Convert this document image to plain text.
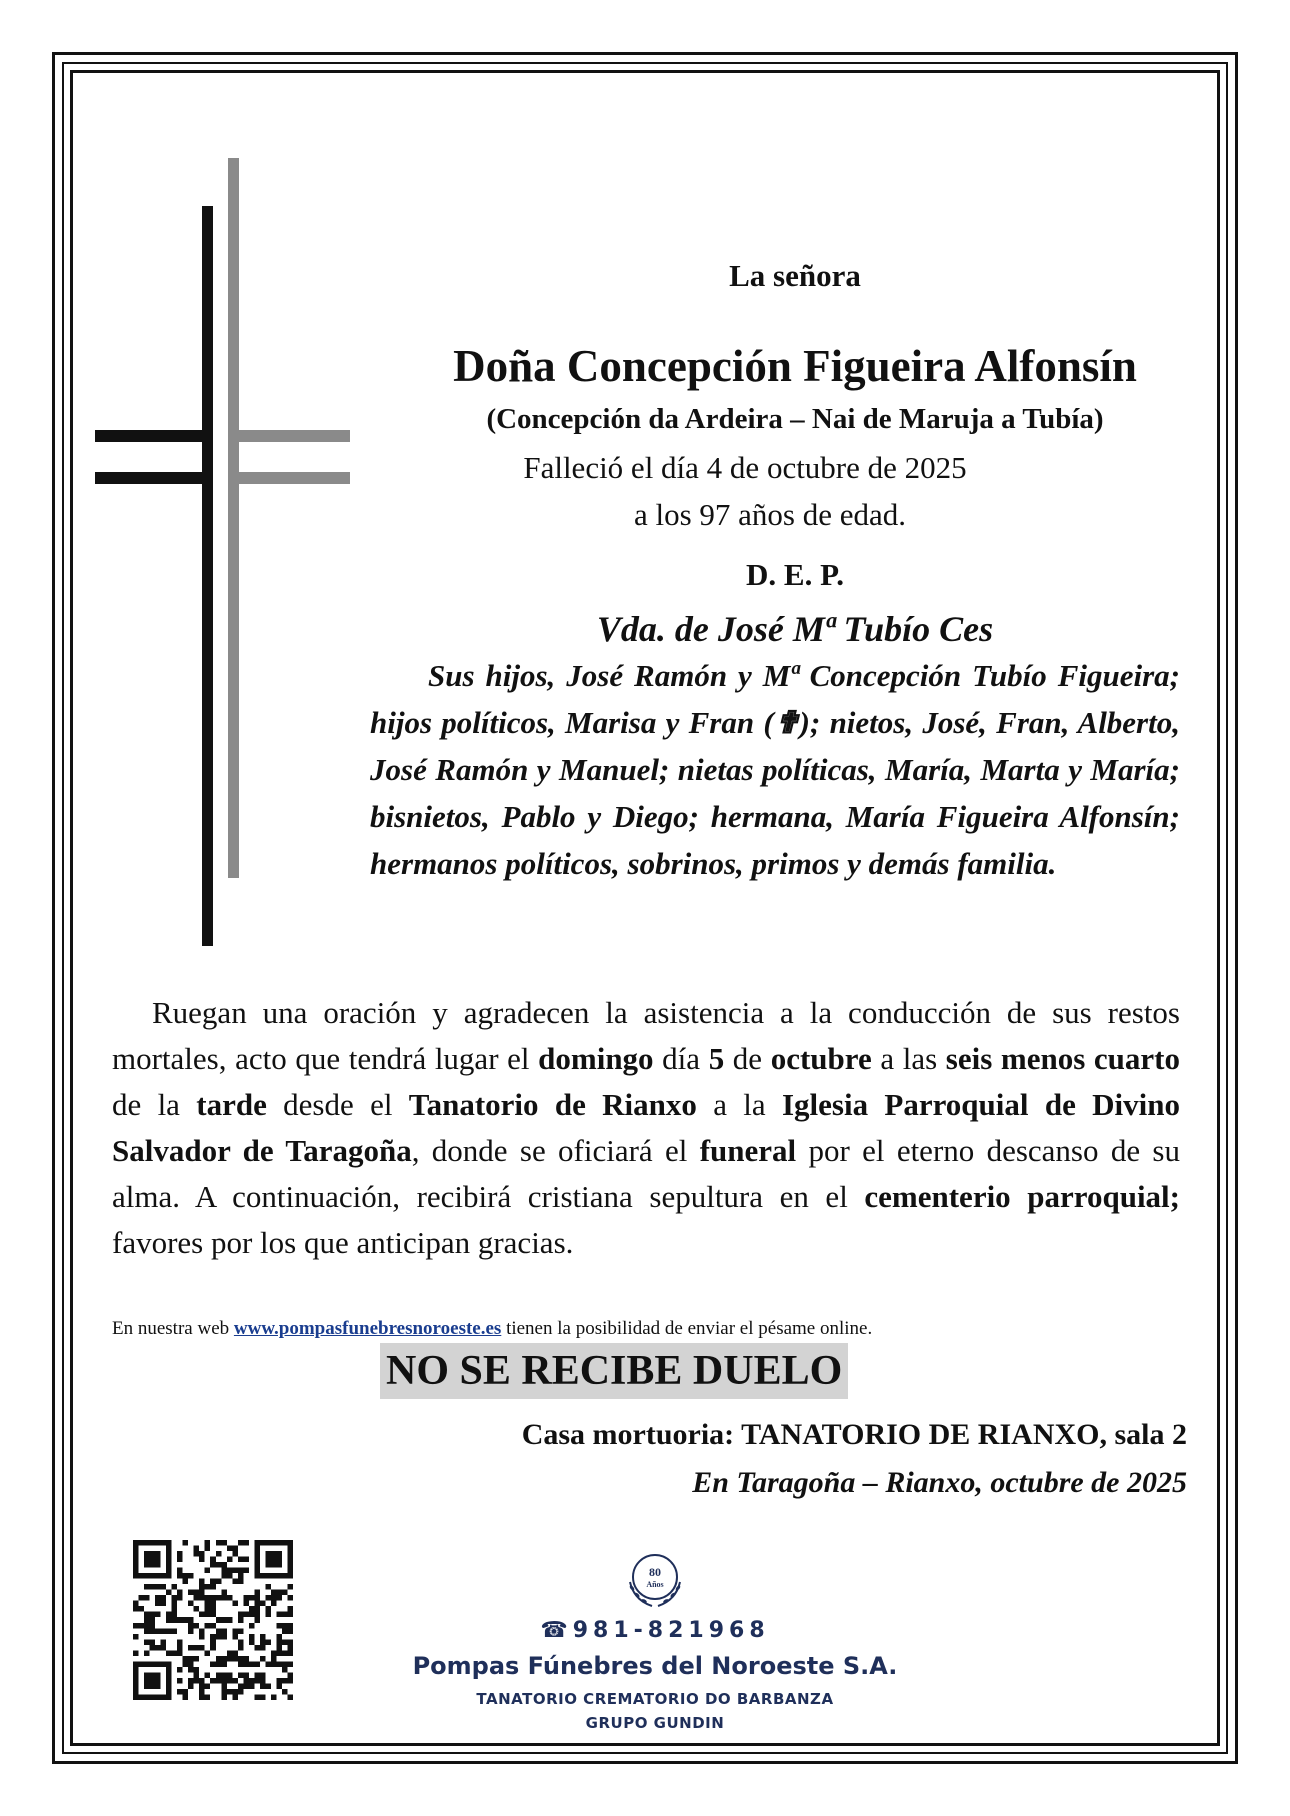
La señora
Doña Concepción Figueira Alfonsín
(Concepción da Ardeira – Nai de Maruja a Tubía)
Falleció el día 4 de octubre de 2025
a los 97 años de edad.
D. E. P.
Vda. de José Mª Tubío Ces
Sus hijos, José Ramón y Mª Concepción Tubío Figueira; hijos políticos, Marisa y Fran (✟); nietos, José, Fran, Alberto, José Ramón y Manuel; nietas políticas, María, Marta y María; bisnietos, Pablo y Diego; hermana, María Figueira Alfonsín; hermanos políticos, sobrinos, primos y demás familia.
Ruegan una oración y agradecen la asistencia a la conducción de sus restos mortales, acto que tendrá lugar el domingo día 5 de octubre a las seis menos cuarto de la tarde desde el Tanatorio de Rianxo a la Iglesia Parroquial de Divino Salvador de Taragoña, donde se oficiará el funeral por el eterno descanso de su alma. A continuación, recibirá cristiana sepultura en el cementerio parroquial; favores por los que anticipan gracias.
En nuestra web www.pompasfunebresnoroeste.es tienen la posibilidad de enviar el pésame online.
NO SE RECIBE DUELO
Casa mortuoria: TANATORIO DE RIANXO, sala 2
En Taragoña – Rianxo, octubre de 2025
80
Años
☎981-821968
Pompas Fúnebres del Noroeste S.A.
TANATORIO CREMATORIO DO BARBANZA
GRUPO GUNDIN
